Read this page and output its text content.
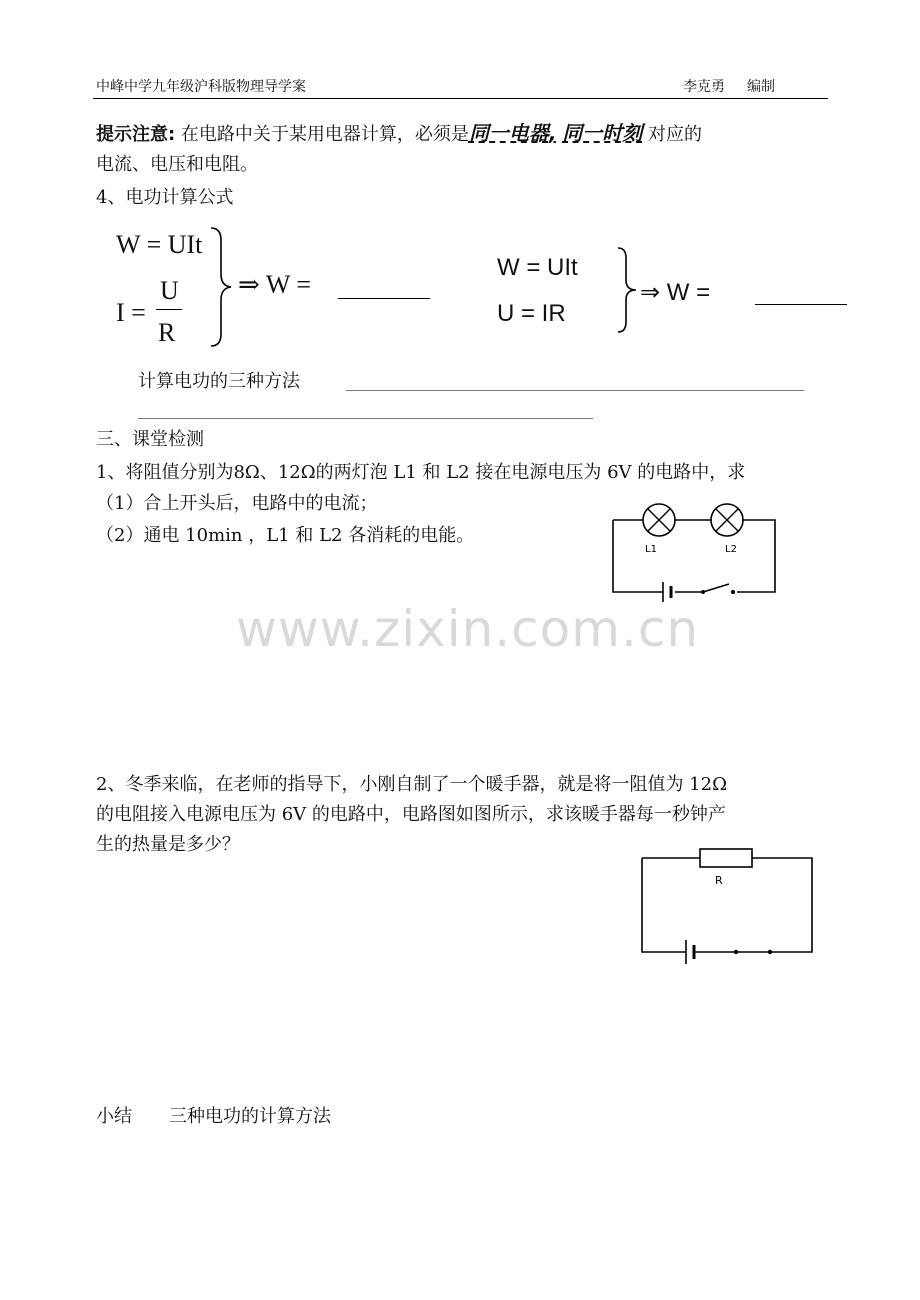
中峰中学九年级沪科版物理导学案	李克勇 编制
提示注意: 在电路中关于某用电器计算，必须是同一电器, 同一时刻 对应的
电流、电压和电阻。
4、电功计算公式
W = UIt
I =
U
R
⇒ W =
W = UIt
U = IR
⇒ W =
计算电功的三种方法
三、课堂检测
1、将阻值分别为8Ω、12Ω的两灯泡 L1 和 L2 接在电源电压为 6V 的电路中，求
（1）合上开头后，电路中的电流；
（2）通电 10min ，L1 和 L2 各消耗的电能。
L1	L2
www.zixin.com.cn
2、冬季来临，在老师的指导下，小刚自制了一个暖手器，就是将一阻值为 12Ω
的电阻接入电源电压为 6V 的电路中，电路图如图所示，求该暖手器每一秒钟产
生的热量是多少？
R
小结 三种电功的计算方法
